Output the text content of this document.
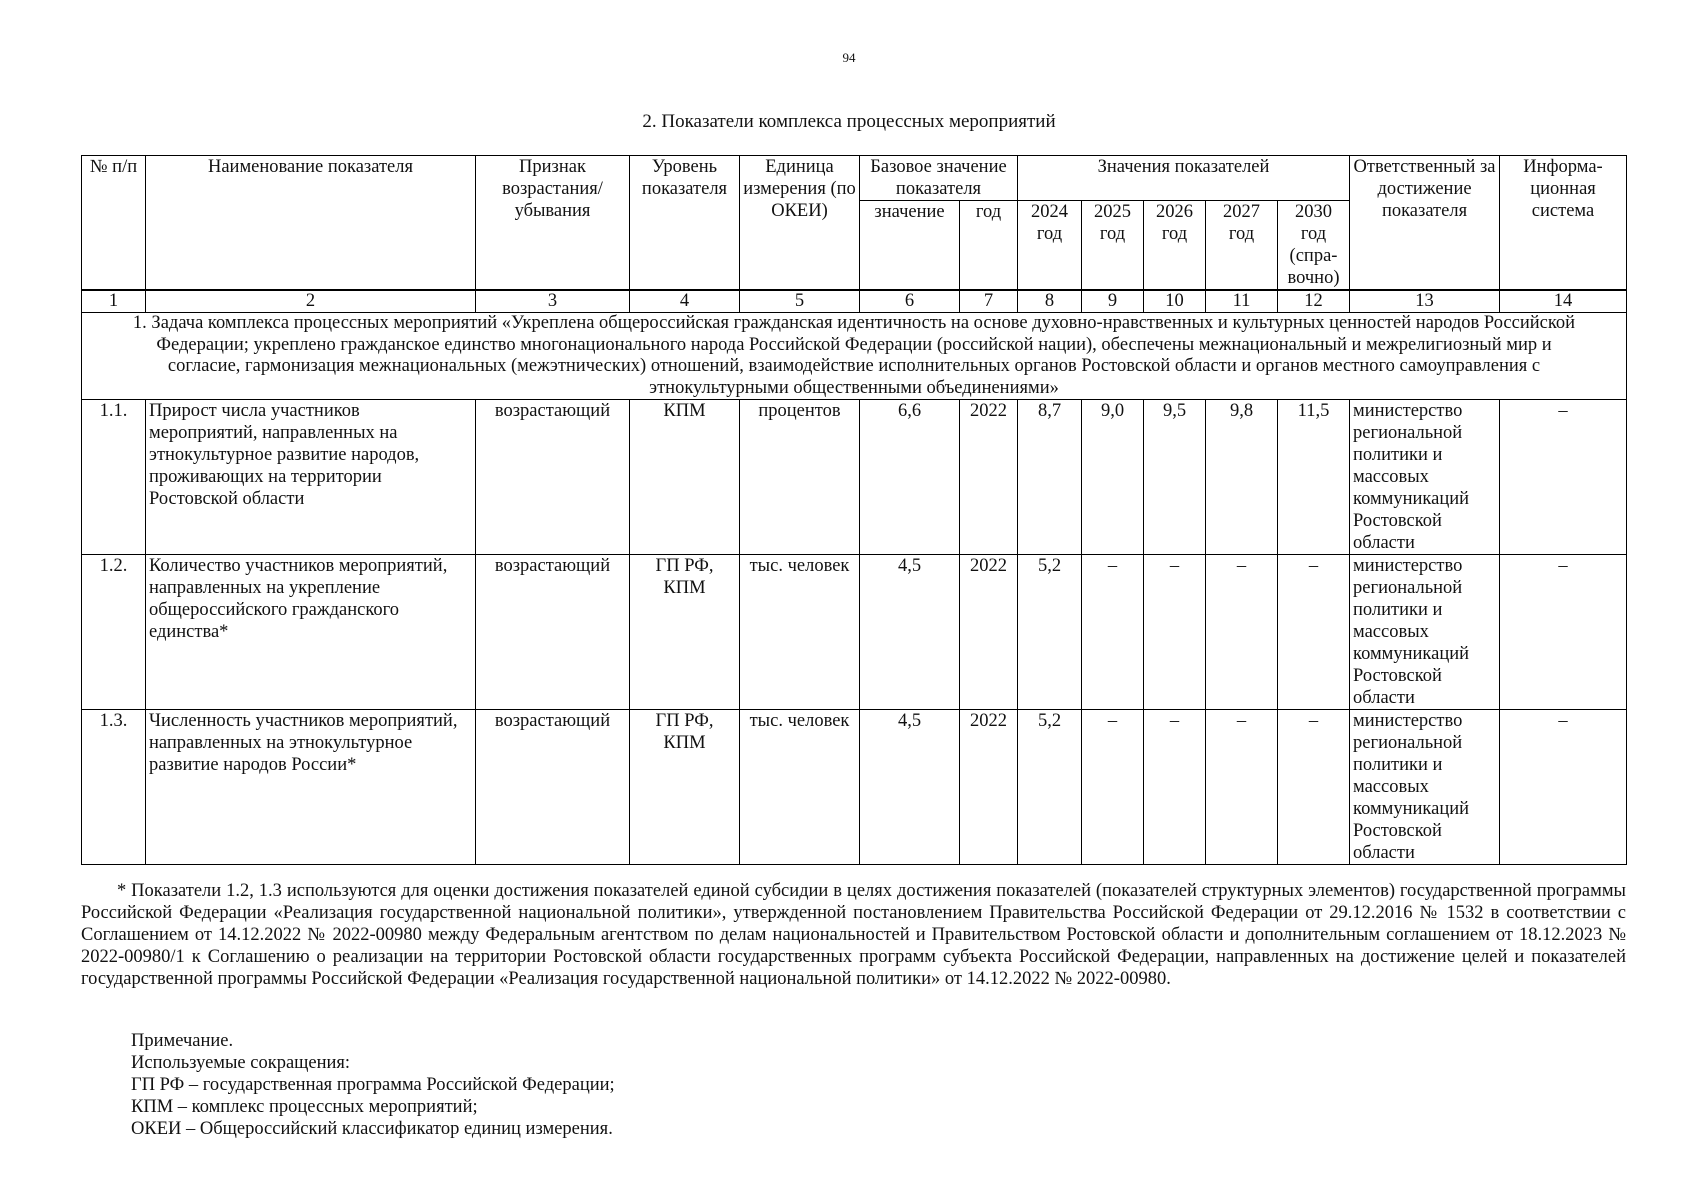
94
2. Показатели комплекса процессных мероприятий
№ п/п	Наименование показателя	Признак возрастания/ убывания	Уровень показателя	Единица измерения (по ОКЕИ)	Базовое значение показателя		Значения показателей					Ответственный за достижение показателя	Информа-ционная система
					значение	год	2024 год	2025 год	2026 год	2027 год	2030 год (спра-вочно)		
1	2	3	4	5	6	7	8	9	10	11	12	13	14
1. Задача комплекса процессных мероприятий «Укреплена общероссийская гражданская идентичность на основе духовно-нравственных и культурных ценностей народов Российской Федерации; укреплено гражданское единство многонационального народа Российской Федерации (российской нации), обеспечены межнациональный и межрелигиозный мир и согласие, гармонизация межнациональных (межэтнических) отношений, взаимодействие исполнительных органов Ростовской области и органов местного самоуправления с этнокультурными общественными объединениями»													
1.1.	Прирост числа участников мероприятий, направленных на этнокультурное развитие народов, проживающих на территории Ростовской области	возрастающий	КПМ	процентов	6,6	2022	8,7	9,0	9,5	9,8	11,5	министерство региональной политики и массовых коммуникаций Ростовской области	–
1.2.	Количество участников мероприятий, направленных на укрепление общероссийского гражданского единства*	возрастающий	ГП РФ, КПМ	тыс. человек	4,5	2022	5,2	–	–	–	–	министерство региональной политики и массовых коммуникаций Ростовской области	–
1.3.	Численность участников мероприятий, направленных на этнокультурное развитие народов России*	возрастающий	ГП РФ, КПМ	тыс. человек	4,5	2022	5,2	–	–	–	–	министерство региональной политики и массовых коммуникаций Ростовской области	–
* Показатели 1.2, 1.3 используются для оценки достижения показателей единой субсидии в целях достижения показателей (показателей структурных элементов) государственной программы Российской Федерации «Реализация государственной национальной политики», утвержденной постановлением Правительства Российской Федерации от 29.12.2016 № 1532 в соответствии с Соглашением от 14.12.2022 № 2022-00980 между Федеральным агентством по делам национальностей и Правительством Ростовской области и дополнительным соглашением от 18.12.2023 № 2022-00980/1 к Соглашению о реализации на территории Ростовской области государственных программ субъекта Российской Федерации, направленных на достижение целей и показателей государственной программы Российской Федерации «Реализация государственной национальной политики» от 14.12.2022 № 2022-00980.
Примечание.
Используемые сокращения:
ГП РФ – государственная программа Российской Федерации;
КПМ – комплекс процессных мероприятий;
ОКЕИ – Общероссийский классификатор единиц измерения.
